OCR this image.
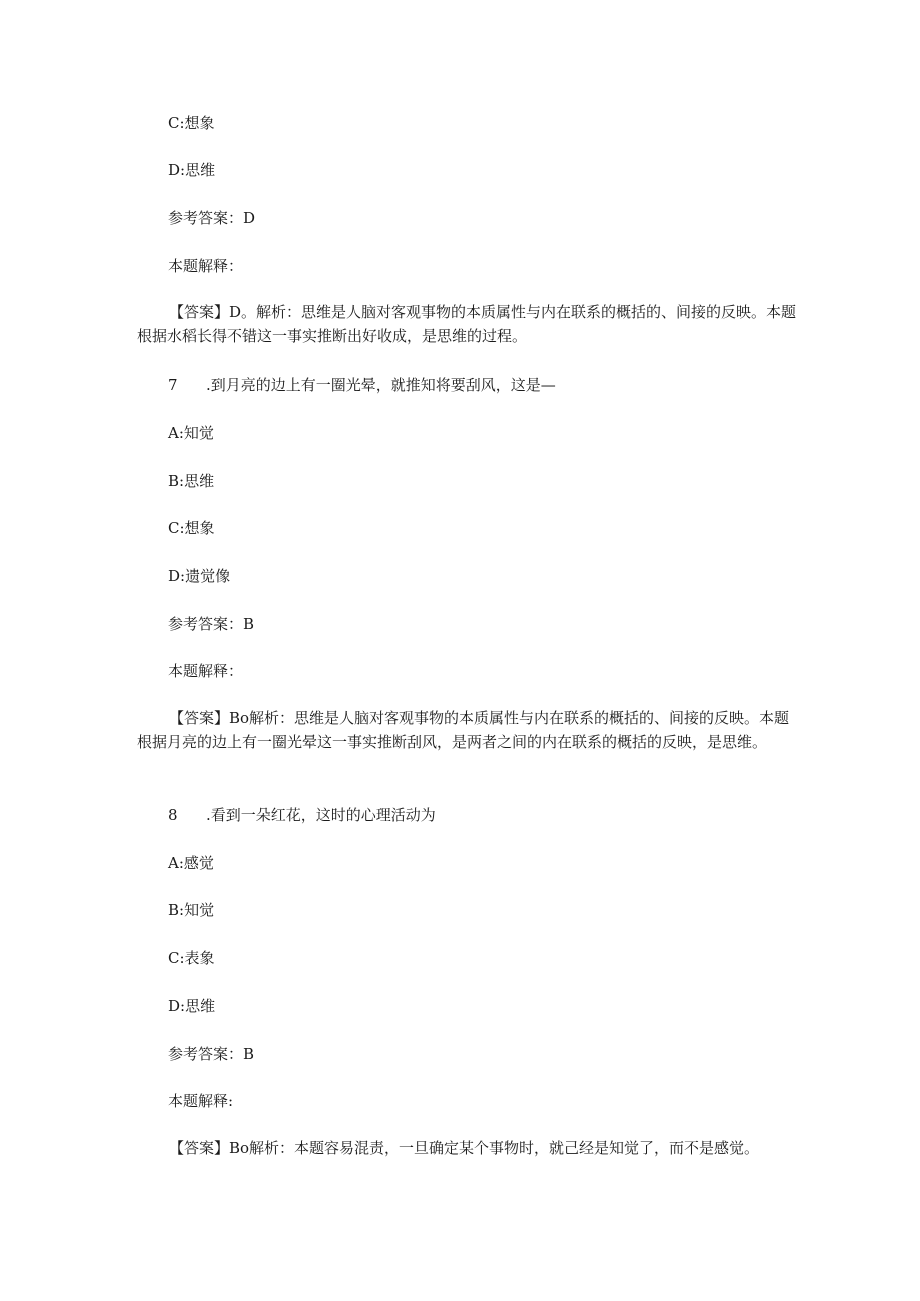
C:想象
D:思维
参考答案：D
本题解释：
【答案】D。解析：思维是人脑对客观事物的本质属性与内在联系的概括的、间接的反映。本题根据水稻长得不错这一事实推断出好收成，是思维的过程。
7 .到月亮的边上有一圈光晕，就推知将要刮风，这是—
A:知觉
B:思维
C:想象
D:遗觉像
参考答案：B
本题解释：
【答案】Bo解析：思维是人脑对客观事物的本质属性与内在联系的概括的、间接的反映。本题根据月亮的边上有一圈光晕这一事实推断刮风，是两者之间的内在联系的概括的反映，是思维。
8 .看到一朵红花，这时的心理活动为
A:感觉
B:知觉
C:表象
D:思维
参考答案：B
本题解释:
【答案】Bo解析：本题容易混责，一旦确定某个事物时，就己经是知觉了，而不是感觉。
